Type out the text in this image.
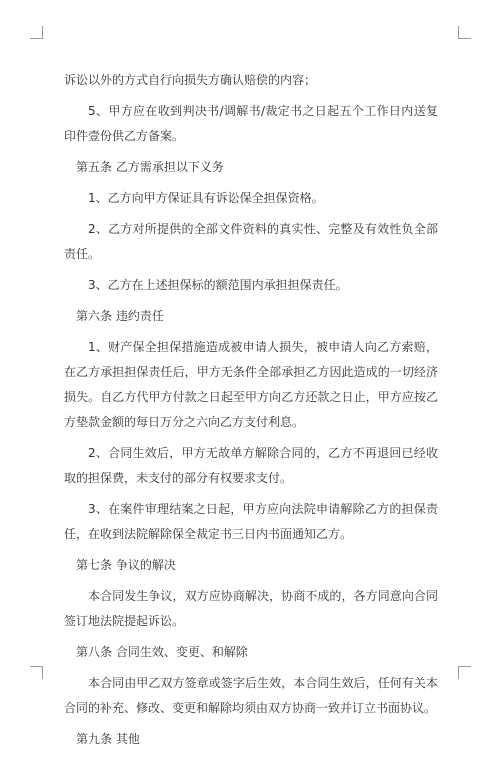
诉讼以外的方式自行向损失方确认赔偿的内容；

5、甲方应在收到判决书/调解书/裁定书之日起五个工作日内送复印件壹份供乙方备案。

第五条 乙方需承担以下义务

1、乙方向甲方保证具有诉讼保全担保资格。

2、乙方对所提供的全部文件资料的真实性、完整及有效性负全部责任。

3、乙方在上述担保标的额范围内承担担保责任。

第六条 违约责任

1、财产保全担保措施造成被申请人损失，被申请人向乙方索赔，在乙方承担担保责任后，甲方无条件全部承担乙方因此造成的一切经济损失。自乙方代甲方付款之日起至甲方向乙方还款之日止，甲方应按乙方垫款金额的每日万分之六向乙方支付利息。

2、合同生效后，甲方无故单方解除合同的，乙方不再退回已经收取的担保费，未支付的部分有权要求支付。

3、在案件审理结案之日起，甲方应向法院申请解除乙方的担保责任，在收到法院解除保全裁定书三日内书面通知乙方。

第七条 争议的解决

本合同发生争议，双方应协商解决，协商不成的，各方同意向合同签订地法院提起诉讼。

第八条 合同生效、变更、和解除

本合同由甲乙双方签章或签字后生效，本合同生效后，任何有关本合同的补充、修改、变更和解除均须由双方协商一致并订立书面协议。

第九条 其他
